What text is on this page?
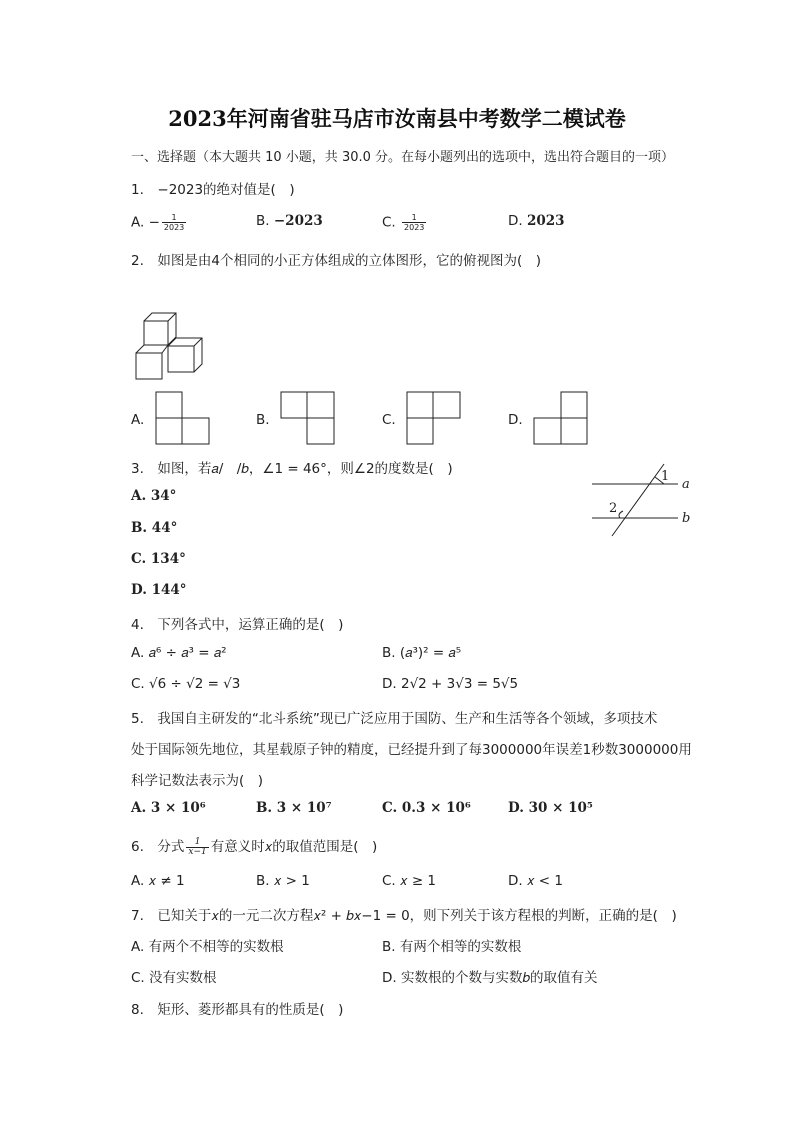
2023年河南省驻马店市汝南县中考数学二模试卷
一、选择题（本大题共 10 小题，共 30.0 分。在每小题列出的选项中，选出符合题目的一项）
1.　−2023的绝对值是(　)
A. − $\frac{1}{2023}$	B. −2023	C. $\frac{1}{2023}$	D. 2023
2.　如图是由4个相同的小正方体组成的立体图形，它的俯视图为(　)
A.	B.	C.	D.
3.　如图，若𝑎/　/𝑏，∠1 = 46°，则∠2的度数是(　)
A. 34°
B. 44°
C. 134°
D. 144°
1
2
a
b
4.　下列各式中，运算正确的是(　)
A. 𝑎⁶ ÷ 𝑎³ = 𝑎²	B. (𝑎³)² = 𝑎⁵
C. √6 ÷ √2 = √3	D. 2√2 + 3√3 = 5√5
5.　我国自主研发的“北斗系统”现已广泛应用于国防、生产和生活等各个领域，多项技术
处于国际领先地位，其星载原子钟的精度，已经提升到了每3000000年误差1秒数3000000用
科学记数法表示为(　)
A. 3 × 10⁶	B. 3 × 10⁷	C. 0.3 × 10⁶	D. 30 × 10⁵
6.　分式 $\frac{1}{x-1}$ 有意义时𝑥的取值范围是(　)
A. 𝑥 ≠ 1	B. 𝑥 > 1	C. 𝑥 ≥ 1	D. 𝑥 < 1
7.　已知关于𝑥的一元二次方程𝑥² + 𝑏𝑥−1 = 0，则下列关于该方程根的判断，正确的是(　)
A. 有两个不相等的实数根	B. 有两个相等的实数根
C. 没有实数根	D. 实数根的个数与实数𝑏的取值有关
8.　矩形、菱形都具有的性质是(　)
